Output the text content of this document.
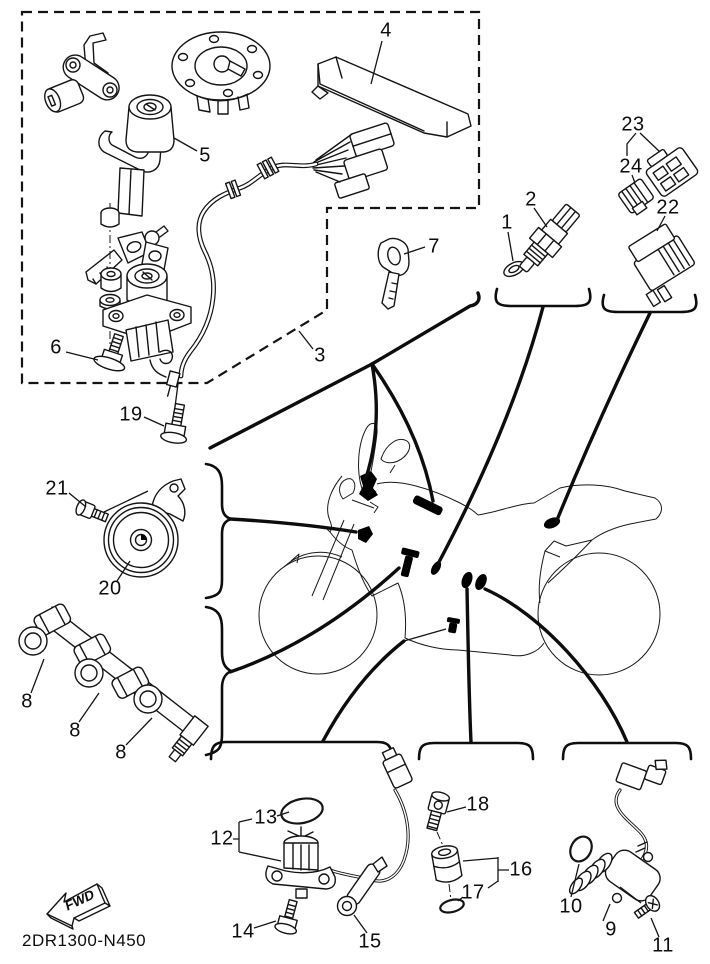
FWD
1
2
3
4
5
6
7
8
8
8
9
10
11
12
13
14	15
16
17
18
19
20
21
22
23
24
2DR1300-N450
